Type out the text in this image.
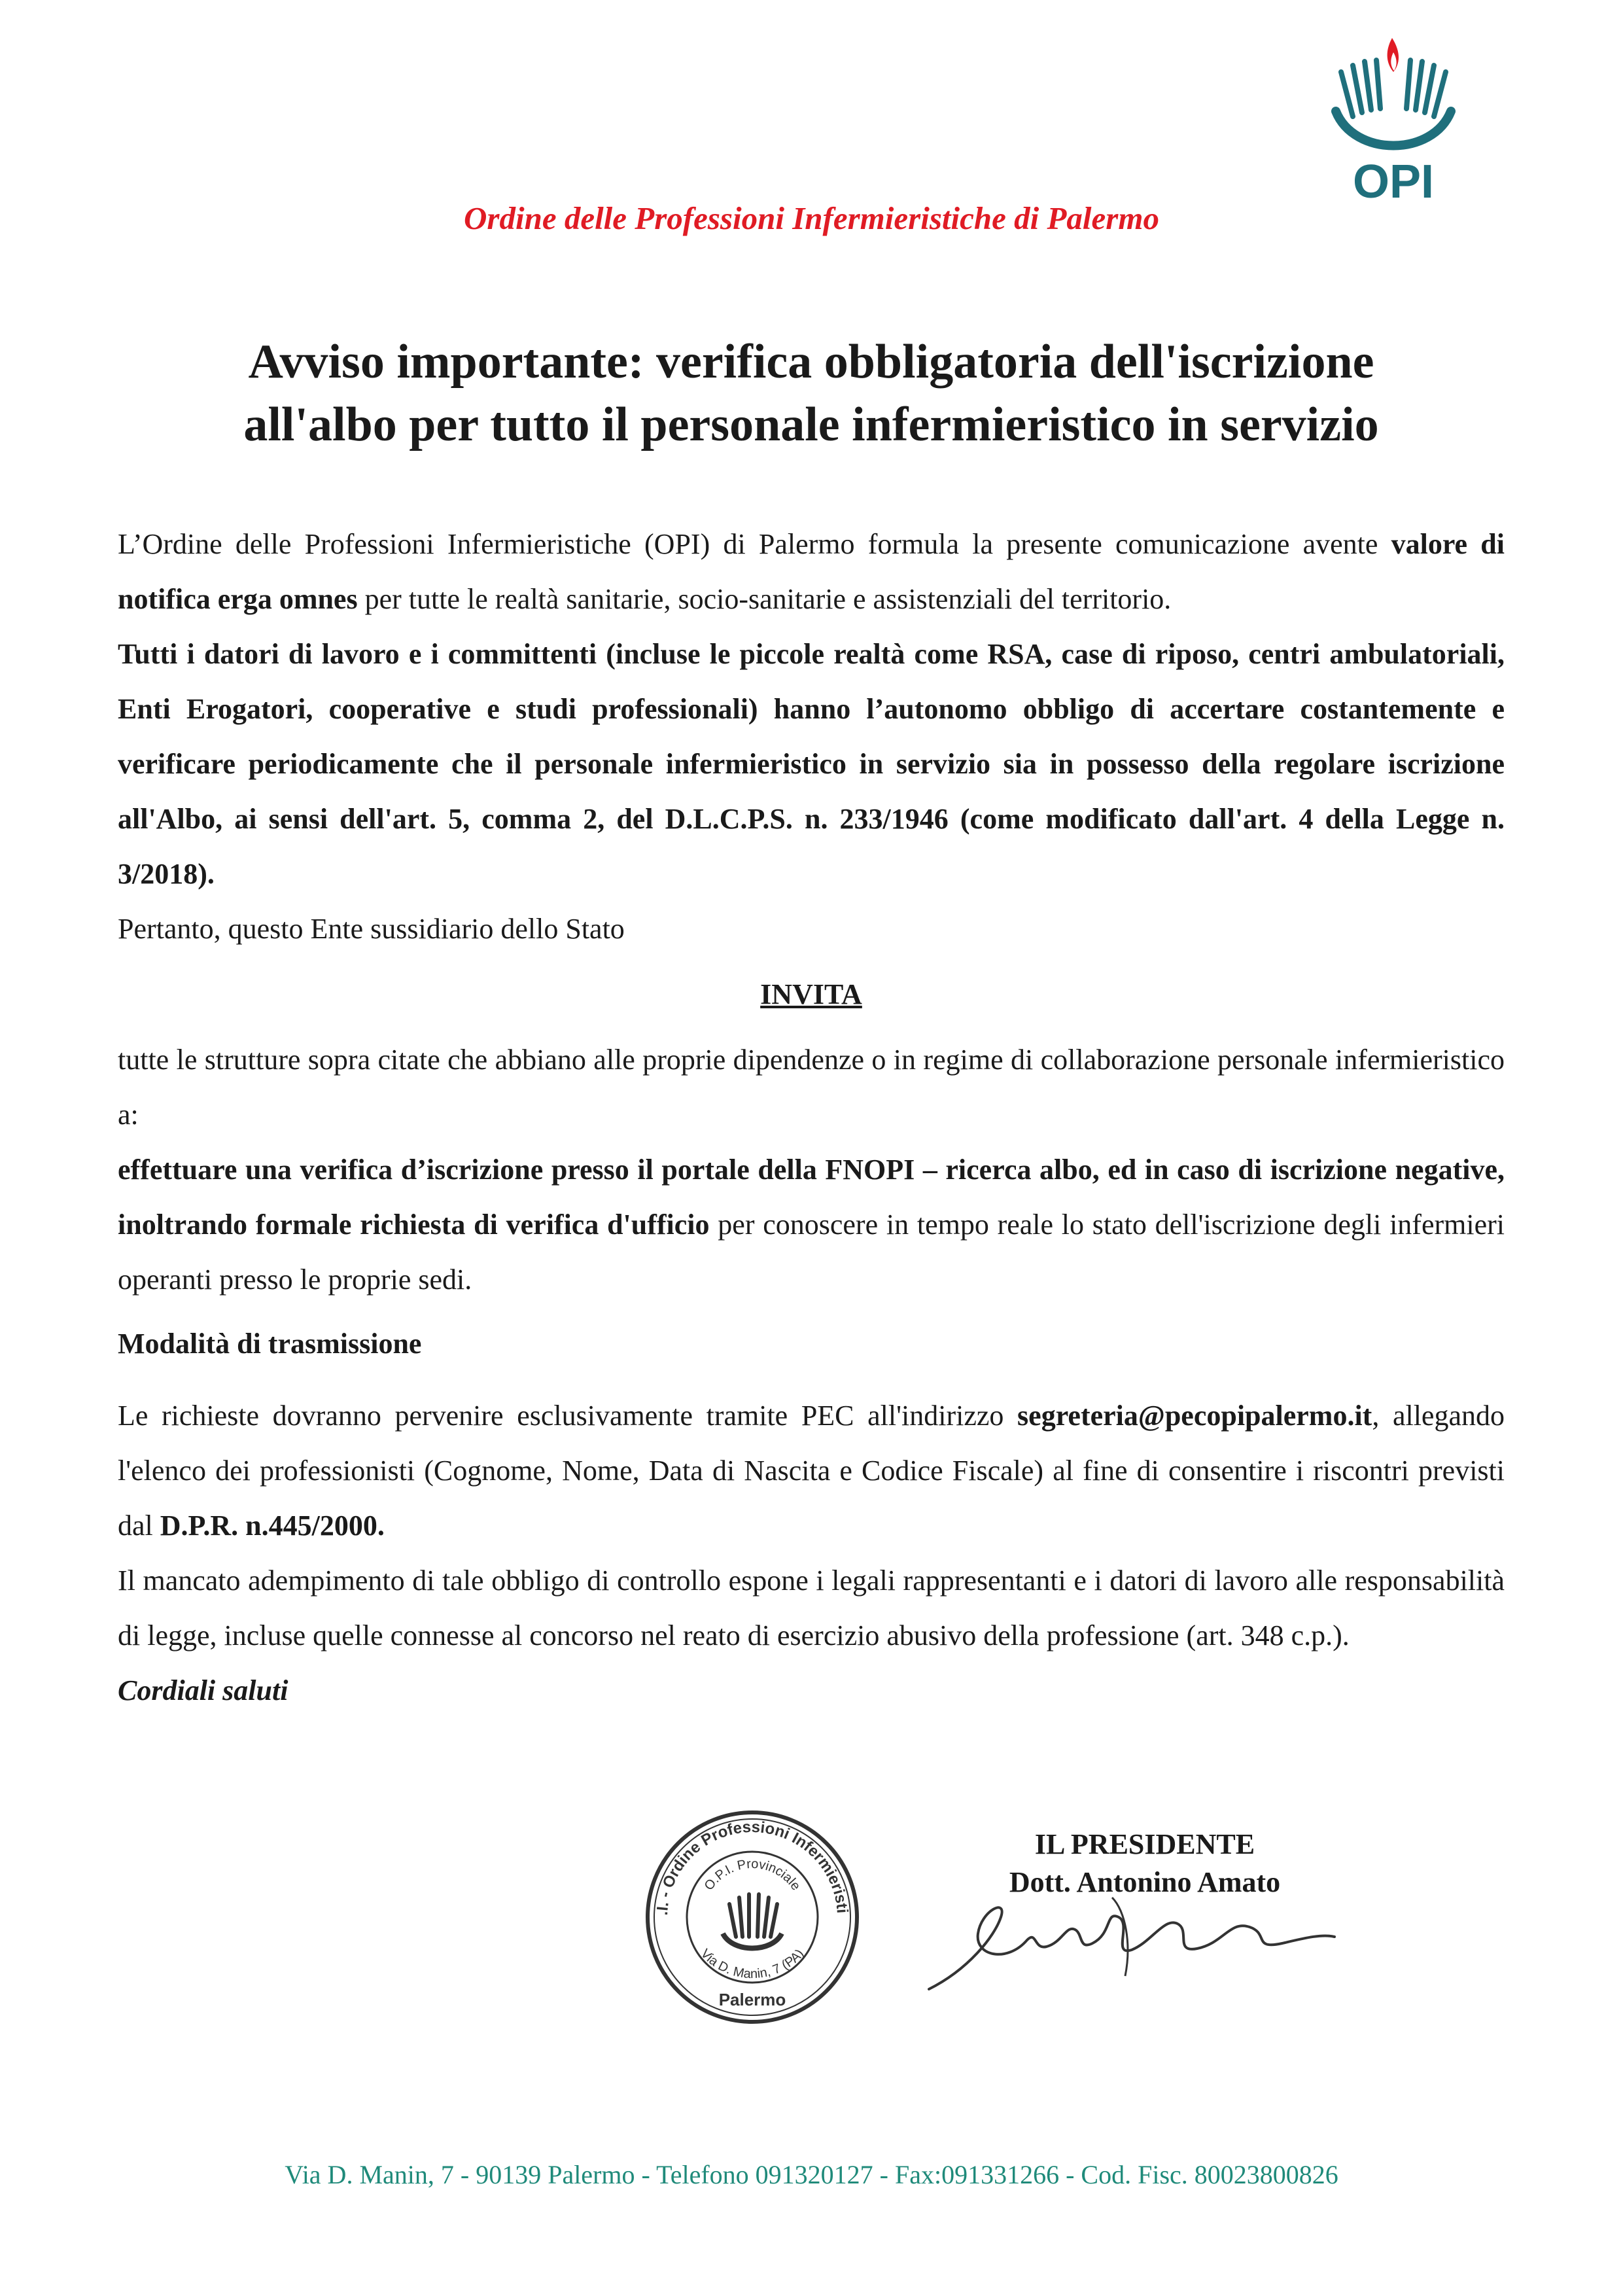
OPI
Ordine delle Professioni Infermieristiche di Palermo
Avviso importante: verifica obbligatoria dell'iscrizione
all'albo per tutto il personale infermieristico in servizio

L’Ordine delle Professioni Infermieristiche (OPI) di Palermo formula la presente comunicazione avente valore di notifica erga omnes per tutte le realtà sanitarie, socio-sanitarie e assistenziali del territorio.

Tutti i datori di lavoro e i committenti (incluse le piccole realtà come RSA, case di riposo, centri ambulatoriali, Enti Erogatori, cooperative e studi professionali) hanno l’autonomo obbligo di accertare costantemente e verificare periodicamente che il personale infermieristico in servizio sia in possesso della regolare iscrizione all'Albo, ai sensi dell'art. 5, comma 2, del D.L.C.P.S. n. 233/1946 (come modificato dall'art. 4 della Legge n. 3/2018).

Pertanto, questo Ente sussidiario dello Stato

INVITA

tutte le strutture sopra citate che abbiano alle proprie dipendenze o in regime di collaborazione personale infermieristico a:

effettuare una verifica d’iscrizione presso il portale della FNOPI – ricerca albo, ed in caso di iscrizione negative, inoltrando formale richiesta di verifica d'ufficio per conoscere in tempo reale lo stato dell'iscrizione degli infermieri operanti presso le proprie sedi.

Modalità di trasmissione

Le richieste dovranno pervenire esclusivamente tramite PEC all'indirizzo segreteria@pecopipalermo.it, allegando l'elenco dei professionisti (Cognome, Nome, Data di Nascita e Codice Fiscale) al fine di consentire i riscontri previsti dal D.P.R. n.445/2000.

Il mancato adempimento di tale obbligo di controllo espone i legali rappresentanti e i datori di lavoro alle responsabilità di legge, incluse quelle connesse al concorso nel reato di esercizio abusivo della professione (art. 348 c.p.).

Cordiali saluti

.I. - Ordine Professioni Infermieristi
O.P.I. Provinciale
Via D. Manin, 7 (PA)
Palermo
IL PRESIDENTE
Dott. Antonino Amato
Via D. Manin, 7 - 90139 Palermo - Telefono 091320127 - Fax:091331266 - Cod. Fisc. 80023800826
